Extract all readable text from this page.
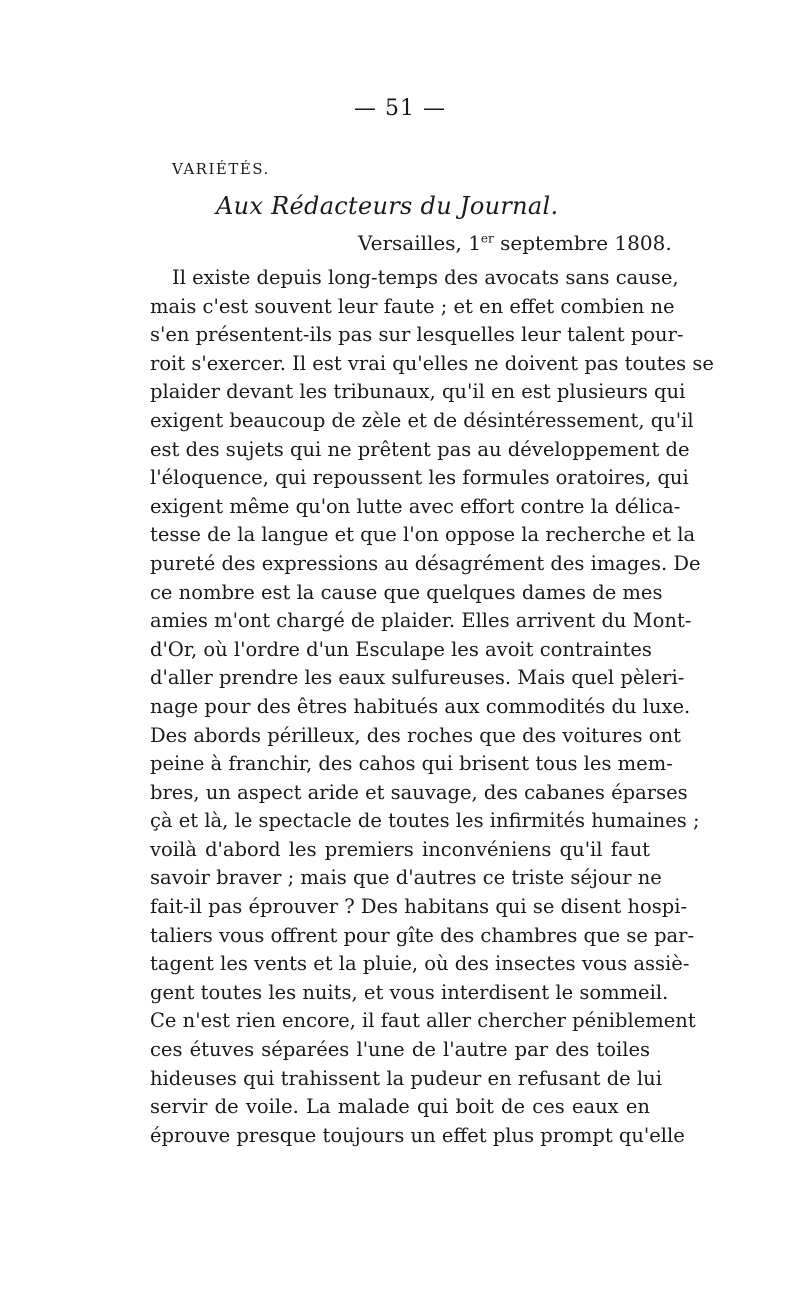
— 51 —
VARIÉTÉS.
Aux Rédacteurs du Journal.
Versailles, 1er septembre 1808.
Il existe depuis long-temps des avocats sans cause,
mais c'est souvent leur faute ; et en effet combien ne
s'en présentent-ils pas sur lesquelles leur talent pour-
roit s'exercer. Il est vrai qu'elles ne doivent pas toutes se
plaider devant les tribunaux, qu'il en est plusieurs qui
exigent beaucoup de zèle et de désintéressement, qu'il
est des sujets qui ne prêtent pas au développement de
l'éloquence, qui repoussent les formules oratoires, qui
exigent même qu'on lutte avec effort contre la délica-
tesse de la langue et que l'on oppose la recherche et la
pureté des expressions au désagrément des images. De
ce nombre est la cause que quelques dames de mes
amies m'ont chargé de plaider. Elles arrivent du Mont-
d'Or, où l'ordre d'un Esculape les avoit contraintes
d'aller prendre les eaux sulfureuses. Mais quel pèleri-
nage pour des êtres habitués aux commodités du luxe.
Des abords périlleux, des roches que des voitures ont
peine à franchir, des cahos qui brisent tous les mem-
bres, un aspect aride et sauvage, des cabanes éparses
çà et là, le spectacle de toutes les infirmités humaines ;
voilà d'abord les premiers inconvéniens qu'il faut
savoir braver ; mais que d'autres ce triste séjour ne
fait-il pas éprouver ? Des habitans qui se disent hospi-
taliers vous offrent pour gîte des chambres que se par-
tagent les vents et la pluie, où des insectes vous assiè-
gent toutes les nuits, et vous interdisent le sommeil.
Ce n'est rien encore, il faut aller chercher péniblement
ces étuves séparées l'une de l'autre par des toiles
hideuses qui trahissent la pudeur en refusant de lui
servir de voile. La malade qui boit de ces eaux en
éprouve presque toujours un effet plus prompt qu'elle
